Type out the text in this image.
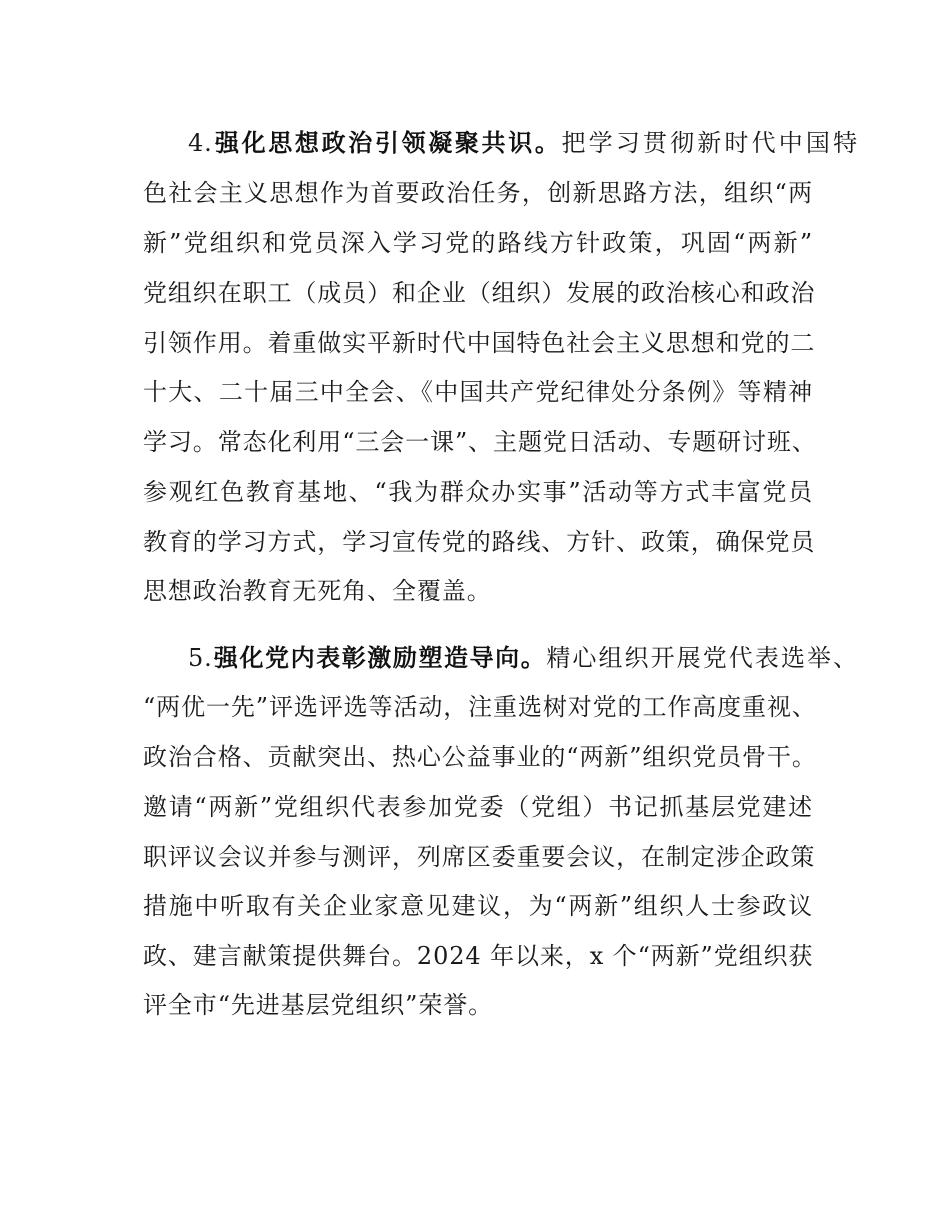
4.强化思想政治引领凝聚共识。把学习贯彻新时代中国特
色社会主义思想作为首要政治任务，创新思路方法，组织“两
新”党组织和党员深入学习党的路线方针政策，巩固“两新”
党组织在职工（成员）和企业（组织）发展的政治核心和政治
引领作用。着重做实平新时代中国特色社会主义思想和党的二
十大、二十届三中全会、《中国共产党纪律处分条例》等精神
学习。常态化利用“三会一课”、主题党日活动、专题研讨班、
参观红色教育基地、“我为群众办实事”活动等方式丰富党员
教育的学习方式，学习宣传党的路线、方针、政策，确保党员
思想政治教育无死角、全覆盖。
5.强化党内表彰激励塑造导向。精心组织开展党代表选举、
“两优一先”评选评选等活动，注重选树对党的工作高度重视、
政治合格、贡献突出、热心公益事业的“两新”组织党员骨干。
邀请“两新”党组织代表参加党委（党组）书记抓基层党建述
职评议会议并参与测评，列席区委重要会议，在制定涉企政策
措施中听取有关企业家意见建议，为“两新”组织人士参政议
政、建言献策提供舞台。2024 年以来，x 个“两新”党组织获
评全市“先进基层党组织”荣誉。
